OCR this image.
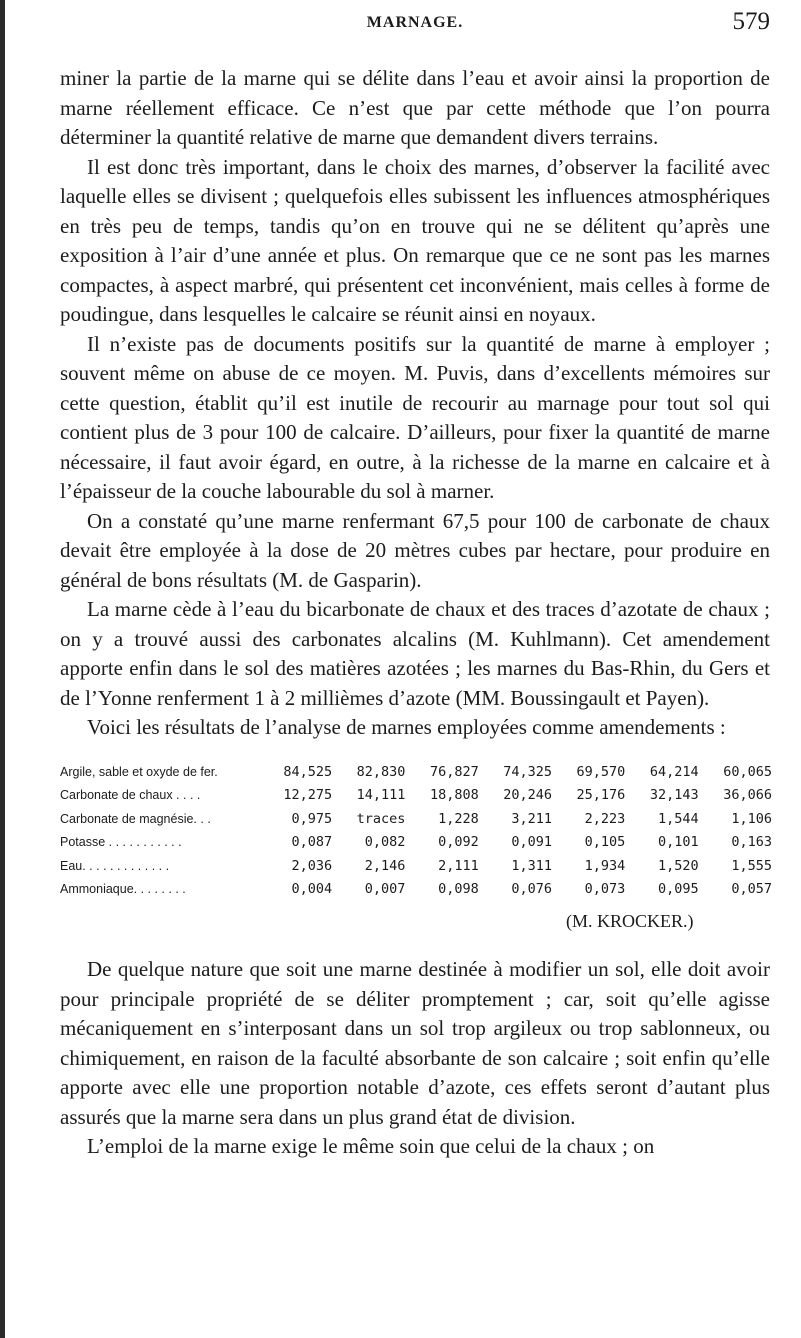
MARNAGE.	579

miner la partie de la marne qui se délite dans l’eau et avoir ainsi la proportion de marne réellement efficace. Ce n’est que par cette méthode que l’on pourra déterminer la quantité relative de marne que demandent divers terrains.

Il est donc très important, dans le choix des marnes, d’observer la facilité avec laquelle elles se divisent ; quelquefois elles subissent les influences atmosphériques en très peu de temps, tandis qu’on en trouve qui ne se délitent qu’après une exposition à l’air d’une année et plus. On remarque que ce ne sont pas les marnes compactes, à aspect marbré, qui présentent cet inconvénient, mais celles à forme de poudingue, dans lesquelles le calcaire se réunit ainsi en noyaux.

Il n’existe pas de documents positifs sur la quantité de marne à employer ; souvent même on abuse de ce moyen. M. Puvis, dans d’excellents mémoires sur cette question, établit qu’il est inutile de recourir au marnage pour tout sol qui contient plus de 3 pour 100 de calcaire. D’ailleurs, pour fixer la quantité de marne nécessaire, il faut avoir égard, en outre, à la richesse de la marne en calcaire et à l’épaisseur de la couche labourable du sol à marner.

On a constaté qu’une marne renfermant 67,5 pour 100 de carbonate de chaux devait être employée à la dose de 20 mètres cubes par hectare, pour produire en général de bons résultats (M. de Gasparin).

La marne cède à l’eau du bicarbonate de chaux et des traces d’azotate de chaux ; on y a trouvé aussi des carbonates alcalins (M. Kuhlmann). Cet amendement apporte enfin dans le sol des matières azotées ; les marnes du Bas-Rhin, du Gers et de l’Yonne renferment 1 à 2 millièmes d’azote (MM. Boussingault et Payen).

Voici les résultats de l’analyse de marnes employées comme amendements :

Argile, sable et oxyde de fer.	84,525	82,830	76,827	74,325	69,570	64,214	60,065
Carbonate de chaux . . . .	12,275	14,111	18,808	20,246	25,176	32,143	36,066
Carbonate de magnésie. . .	0,975	traces	1,228	3,211	2,223	1,544	1,106
Potasse . . . . . . . . . . .	0,087	0,082	0,092	0,091	0,105	0,101	0,163
Eau. . . . . . . . . . . . .	2,036	2,146	2,111	1,311	1,934	1,520	1,555
Ammoniaque. . . . . . . .	0,004	0,007	0,098	0,076	0,073	0,095	0,057
(M. KROCKER.)

De quelque nature que soit une marne destinée à modifier un sol, elle doit avoir pour principale propriété de se déliter promptement ; car, soit qu’elle agisse mécaniquement en s’interposant dans un sol trop argileux ou trop sablonneux, ou chimiquement, en raison de la faculté absorbante de son calcaire ; soit enfin qu’elle apporte avec elle une proportion notable d’azote, ces effets seront d’autant plus assurés que la marne sera dans un plus grand état de division.

L’emploi de la marne exige le même soin que celui de la chaux ; on
